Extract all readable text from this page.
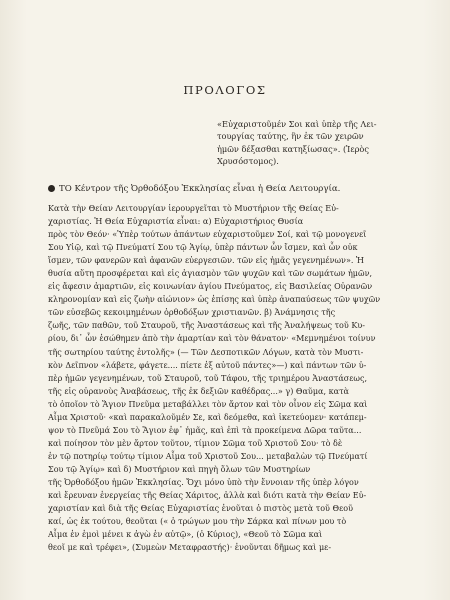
ΠΡΟΛΟΓΟΣ

«Εὐχαριστοῦμέν Σοι καὶ ὑπὲρ τῆς Λει-
τουργίας ταύτης, ἣν ἐκ τῶν χειρῶν
ἡμῶν δέξασθαι κατηξίωσας». (Ἱερὸς
Χρυσόστομος).

ΤΟ Κέντρον τῆς Ὀρθοδόξου Ἐκκλησίας εἶναι ἡ Θεία Λειτουργία.

Κατὰ τὴν Θείαν Λειτουργίαν ἱερουργεῖται τὸ Μυστήριον τῆς Θείας Εὐ-
χαριστίας. Ἡ Θεία Εὐχαριστία εἶναι: α) Εὐχαριστήριος Θυσία
πρὸς τὸν Θεόν· «Ὑπὲρ τούτων ἁπάντων εὐχαριστοῦμεν Σοί, καὶ τῷ μονογενεῖ
Σου Υἱῷ, καὶ τῷ Πνεύματί Σου τῷ Ἁγίῳ, ὑπὲρ πάντων ὧν ἴσμεν, καὶ ὧν οὐκ
ἴσμεν, τῶν φανερῶν καὶ ἀφανῶν εὐεργεσιῶν. τῶν εἰς ἡμᾶς γεγενημένων». Ἡ
θυσία αὕτη προσφέρεται καὶ εἰς ἁγιασμὸν τῶν ψυχῶν καὶ τῶν σωμάτων ἡμῶν,
εἰς ἄφεσιν ἁμαρτιῶν, εἰς κοινωνίαν ἁγίου Πνεύματος, εἰς Βασιλείας Οὐρανῶν
κληρονομίαν καὶ εἰς ζωὴν αἰώνιον» ὡς ἐπίσης καὶ ὑπὲρ ἀναπαύσεως τῶν ψυχῶν
τῶν εὐσεβῶς κεκοιμημένων ὀρθοδόξων χριστιανῶν. β) Ἀνάμνησις τῆς
ζωῆς, τῶν παθῶν, τοῦ Σταυροῦ, τῆς Ἀναστάσεως καὶ τῆς Ἀναλήψεως τοῦ Κυ-
ρίου, δι᾿ ὧν ἐσώθημεν ἀπὸ τὴν ἁμαρτίαν καὶ τὸν θάνατον· «Μεμνημένοι τοίνυν
τῆς σωτηρίου ταύτης ἐντολῆς» (— Τῶν Δεσποτικῶν Λόγων, κατὰ τὸν Μυστι-
κὸν Δεῖπνον «λάβετε, φάγετε.... πίετε ἐξ αὐτοῦ πάντες»—) καὶ πάντων τῶν ὑ-
πὲρ ἡμῶν γεγενημένων, τοῦ Σταυροῦ, τοῦ Τάφου, τῆς τριημέρου Ἀναστάσεως,
τῆς εἰς οὐρανοὺς Ἀναβάσεως, τῆς ἐκ δεξιῶν καθέδρας...» γ) Θαῦμα, κατὰ
τὸ ὁποῖον τὸ Ἅγιον Πνεῦμα μεταβάλλει τὸν ἄρτον καὶ τὸν οἶνον εἰς Σῶμα καὶ
Αἷμα Χριστοῦ· «καὶ παρακαλοῦμέν Σε, καὶ δεόμεθα, καὶ ἱκετεύομεν· κατάπεμ-
ψον τὸ Πνεῦμά Σου τὸ Ἅγιον ἐφ᾿ ἡμᾶς, καὶ ἐπὶ τὰ προκείμενα Δῶρα ταῦτα...
καὶ ποίησον τὸν μὲν ἄρτον τοῦτον, τίμιον Σῶμα τοῦ Χριστοῦ Σου· τὸ δὲ
ἐν τῷ ποτηρίῳ τούτῳ τίμιον Αἷμα τοῦ Χριστοῦ Σου... μεταβαλὼν τῷ Πνεύματί
Σου τῷ Ἁγίῳ» καὶ δ) Μυστήριον καὶ πηγὴ ὅλων τῶν Μυστηρίων
τῆς Ὀρθοδόξου ἡμῶν Ἐκκλησίας. Ὄχι μόνο ὑπὸ τὴν ἔννοιαν τῆς ὑπὲρ λόγον
καὶ ἔρευναν ἐνεργείας τῆς Θείας Χάριτος, ἀλλὰ καὶ διότι κατὰ τὴν Θείαν Εὐ-
χαριστίαν καὶ διὰ τῆς Θείας Εὐχαριστίας ἑνοῦται ὁ πιστὸς μετὰ τοῦ Θεοῦ
καί, ὡς ἐκ τούτου, θεοῦται (« ὁ τρώγων μου τὴν Σάρκα καὶ πίνων μου τὸ
Αἷμα ἐν ἐμοὶ μένει κ ἀγὼ ἐν αὐτῷ», (ὁ Κύριος), «Θεοῦ τὸ Σῶμα καὶ
θεοῖ με καὶ τρέφει», (Συμεὼν Μεταφραστής)· ἑνοῦνται δῆμως καὶ με-
